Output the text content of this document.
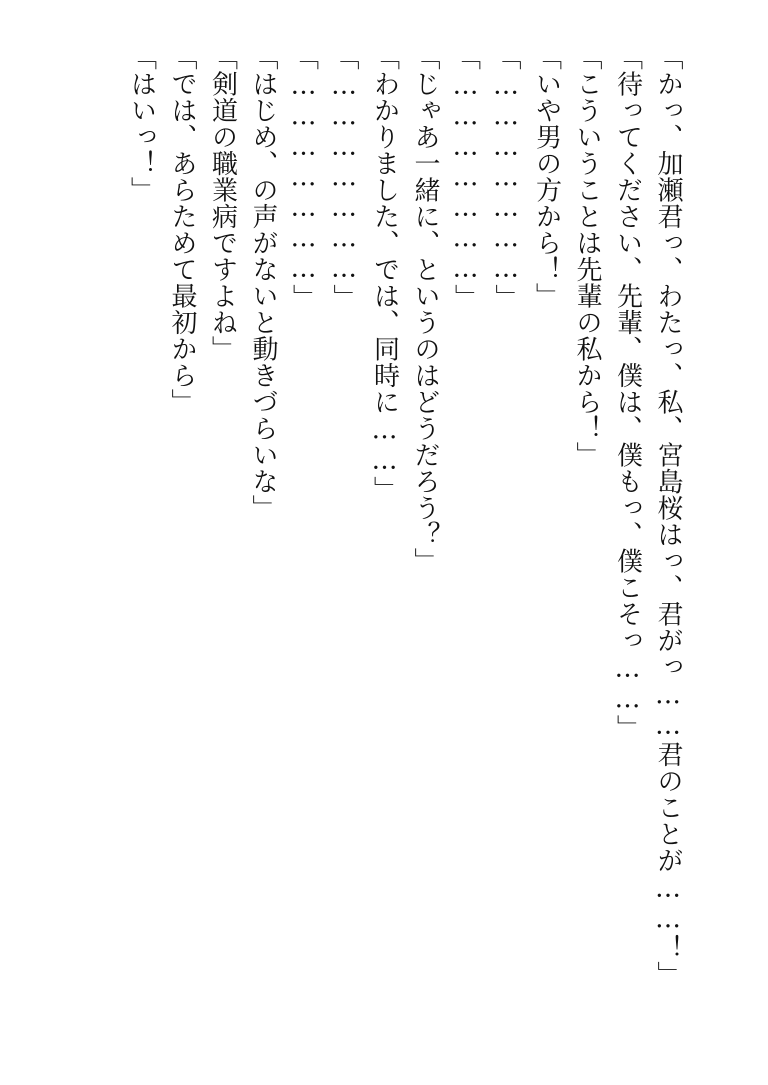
「かっ、加瀬君っ、わたっ、私、宮島桜はっ、君がっ……君のことが……！」
「待ってください、先輩、僕は、僕もっ、僕こそっ……」
「こういうことは先輩の私から！」
「いや男の方から！」
「…………………」
「…………………」
「じゃあ一緒に、というのはどうだろう？」
「わかりました、では、同時に……」
「…………………」
「…………………」
「はじめ、の声がないと動きづらいな」
「剣道の職業病ですよね」
「では、あらためて最初から」
「はいっ！」
